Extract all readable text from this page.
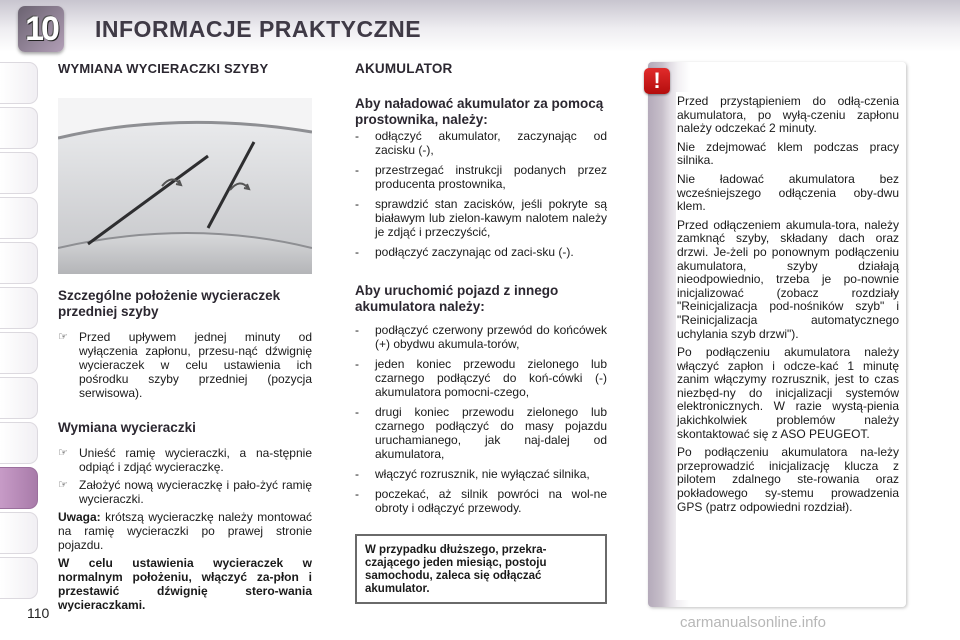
10 INFORMACJE PRAKTYCZNE
WYMIANA WYCIERACZKI SZYBY
Szczególne położenie wycieraczek przedniej szyby
☞ Przed upływem jednej minuty od wyłączenia zapłonu, przesu-nąć dźwignię wycieraczek w celu ustawienia ich pośrodku szyby przedniej (pozycja serwisowa).
Wymiana wycieraczki
☞ Unieść ramię wycieraczki, a na-stępnie odpiąć i zdjąć wycieraczkę.
☞ Założyć nową wycieraczkę i pało-żyć ramię wycieraczki.

Uwaga: krótszą wycieraczkę należy montować na ramię wycieraczki po prawej stronie pojazdu.

W celu ustawienia wycieraczek w normalnym położeniu, włączyć za-płon i przestawić dźwignię stero-wania wycieraczkami.

AKUMULATOR
Aby naładować akumulator za pomocą prostownika, należy:
- odłączyć akumulator, zaczynając od zacisku (-),
- przestrzegać instrukcji podanych przez producenta prostownika,
- sprawdzić stan zacisków, jeśli pokryte są białawym lub zielon-kawym nalotem należy je zdjąć i przeczyścić,
- podłączyć zaczynając od zaci-sku (-).
Aby uruchomić pojazd z innego akumulatora należy:
- podłączyć czerwony przewód do końcówek (+) obydwu akumula-torów,
- jeden koniec przewodu zielonego lub czarnego podłączyć do koń-cówki (-) akumulatora pomocni-czego,
- drugi koniec przewodu zielonego lub czarnego podłączyć do masy pojazdu uruchamianego, jak naj-dalej od akumulatora,
- włączyć rozrusznik, nie wyłączać silnika,
- poczekać, aż silnik powróci na wol-ne obroty i odłączyć przewody.
W przypadku dłuższego, przekra-czającego jeden miesiąc, postoju samochodu, zaleca się odłączać akumulator.
!

Przed przystąpieniem do odłą-czenia akumulatora, po wyłą-czeniu zapłonu należy odczekać 2 minuty.

Nie zdejmować klem podczas pracy silnika.

Nie ładować akumulatora bez wcześniejszego odłączenia oby-dwu klem.

Przed odłączeniem akumula-tora, należy zamknąć szyby, składany dach oraz drzwi. Je-żeli po ponownym podłączeniu akumulatora, szyby działają nieodpowiednio, trzeba je po-nownie inicjalizować (zobacz rozdziały "Reinicjalizacja pod-nośników szyb" i "Reinicjalizacja automatycznego uchylania szyb drzwi").

Po podłączeniu akumulatora należy włączyć zapłon i odcze-kać 1 minutę zanim włączymy rozrusznik, jest to czas niezbęd-ny do inicjalizacji systemów elektronicznych. W razie wystą-pienia jakichkolwiek problemów należy skontaktować się z ASO PEUGEOT.

Po podłączeniu akumulatora na-leży przeprowadzić inicjalizację klucza z pilotem zdalnego ste-rowania oraz pokładowego sy-stemu prowadzenia GPS (patrz odpowiedni rozdział).

110
carmanualsonline.info
